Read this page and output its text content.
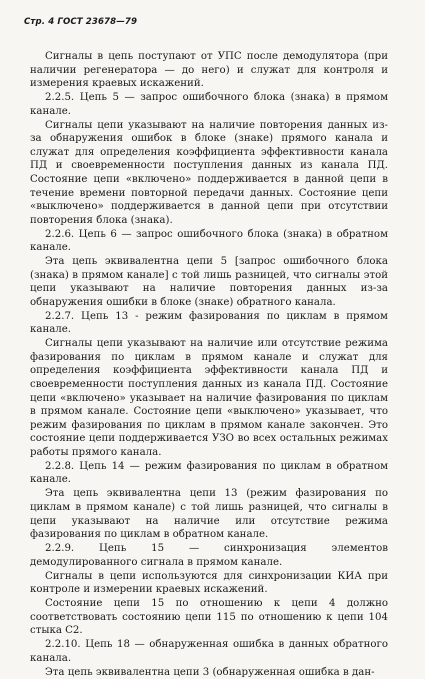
Стр. 4 ГОСТ 23678—79

Сигналы в цепь поступают от УПС после демодулятора (при наличии регенератора — до него) и служат для контроля и измерения краевых искажений.

2.2.5. Цепь 5 — запрос ошибочного блока (знака) в прямом канале.

Сигналы цепи указывают на наличие повторения данных из-за обнаружения ошибок в блоке (знаке) прямого канала и служат для определения коэффициента эффективности канала ПД и своевременности поступления данных из канала ПД. Состояние цепи «включено» поддерживается в данной цепи в течение времени повторной передачи данных. Состояние цепи «выключено» поддерживается в данной цепи при отсутствии повторения блока (знака).

2.2.6. Цепь 6 — запрос ошибочного блока (знака) в обратном канале.

Эта цепь эквивалентна цепи 5 [запрос ошибочного блока (знака) в прямом канале] с той лишь разницей, что сигналы этой цепи указывают на наличие повторения данных из-за обнаружения ошибки в блоке (знаке) обратного канала.

2.2.7. Цепь 13 - режим фазирования по циклам в прямом канале.

Сигналы цепи указывают на наличие или отсутствие режима фазирования по циклам в прямом канале и служат для определения коэффициента эффективности канала ПД и своевременности поступления данных из канала ПД. Состояние цепи «включено» указывает на наличие фазирования по циклам в прямом канале. Состояние цепи «выключено» указывает, что режим фазирования по циклам в прямом канале закончен. Это состояние цепи поддерживается УЗО во всех остальных режимах работы прямого канала.

2.2.8. Цепь 14 — режим фазирования по циклам в обратном канале.

Эта цепь эквивалентна цепи 13 (режим фазирования по циклам в прямом канале) с той лишь разницей, что сигналы в цепи указывают на наличие или отсутствие режима фазирования по циклам в обратном канале.

2.2.9. Цепь 15 — синхронизация элементов демодулированного сигнала в прямом канале.

Сигналы в цепи используются для синхронизации КИА при контроле и измерении краевых искажений.

Состояние цепи 15 по отношению к цепи 4 должно соответствовать состоянию цепи 115 по отношению к цепи 104 стыка С2.

2.2.10. Цепь 18 — обнаруженная ошибка в данных обратного канала.

Эта цепь эквивалентна цепи 3 (обнаруженная ошибка в дан-
